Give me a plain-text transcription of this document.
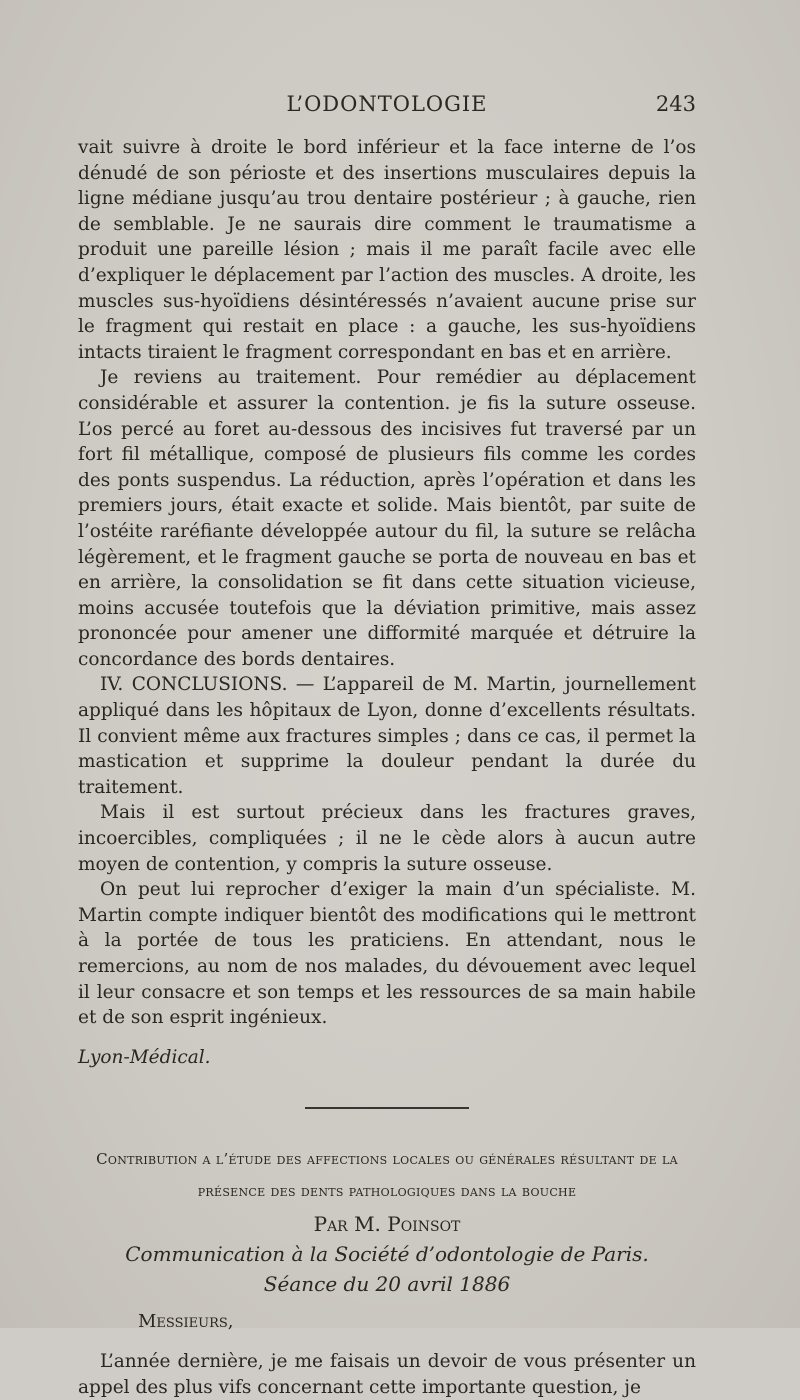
L’ODONTOLOGIE	243

vait suivre à droite le bord inférieur et la face interne de l’os dénudé de son périoste et des insertions musculaires depuis la ligne médiane jusqu’au trou dentaire postérieur ; à gauche, rien de semblable. Je ne saurais dire comment le traumatisme a produit une pareille lésion ; mais il me paraît facile avec elle d’expliquer le déplacement par l’action des muscles. A droite, les muscles sus-hyoïdiens désintéressés n’avaient aucune prise sur le fragment qui restait en place : a gauche, les sus-hyoïdiens intacts tiraient le fragment correspondant en bas et en arrière.

Je reviens au traitement. Pour remédier au déplacement considérable et assurer la contention. je fis la suture osseuse. L’os percé au foret au-dessous des incisives fut traversé par un fort fil métallique, composé de plusieurs fils comme les cordes des ponts suspendus. La réduction, après l’opération et dans les premiers jours, était exacte et solide. Mais bientôt, par suite de l’ostéite raréfiante développée autour du fil, la suture se relâcha légèrement, et le fragment gauche se porta de nouveau en bas et en arrière, la consolidation se fit dans cette situation vicieuse, moins accusée toutefois que la déviation primitive, mais assez prononcée pour amener une difformité marquée et détruire la concordance des bords dentaires.

IV. CONCLUSIONS. — L’appareil de M. Martin, journellement appliqué dans les hôpitaux de Lyon, donne d’excellents résultats. Il convient même aux fractures simples ; dans ce cas, il permet la mastication et supprime la douleur pendant la durée du traitement.

Mais il est surtout précieux dans les fractures graves, incoercibles, compliquées ; il ne le cède alors à aucun autre moyen de contention, y compris la suture osseuse.

On peut lui reprocher d’exiger la main d’un spécialiste. M. Martin compte indiquer bientôt des modifications qui le mettront à la portée de tous les praticiens. En attendant, nous le remercions, au nom de nos malades, du dévouement avec lequel il leur consacre et son temps et les ressources de sa main habile et de son esprit ingénieux.

Lyon-Médical.

Contribution a l’étude des affections locales ou générales résultant de la présence des dents pathologiques dans la bouche

Par M. Poinsot

Communication à la Société d’odontologie de Paris.

Séance du 20 avril 1886

Messieurs,

L’année dernière, je me faisais un devoir de vous présenter un appel des plus vifs concernant cette importante question, je
